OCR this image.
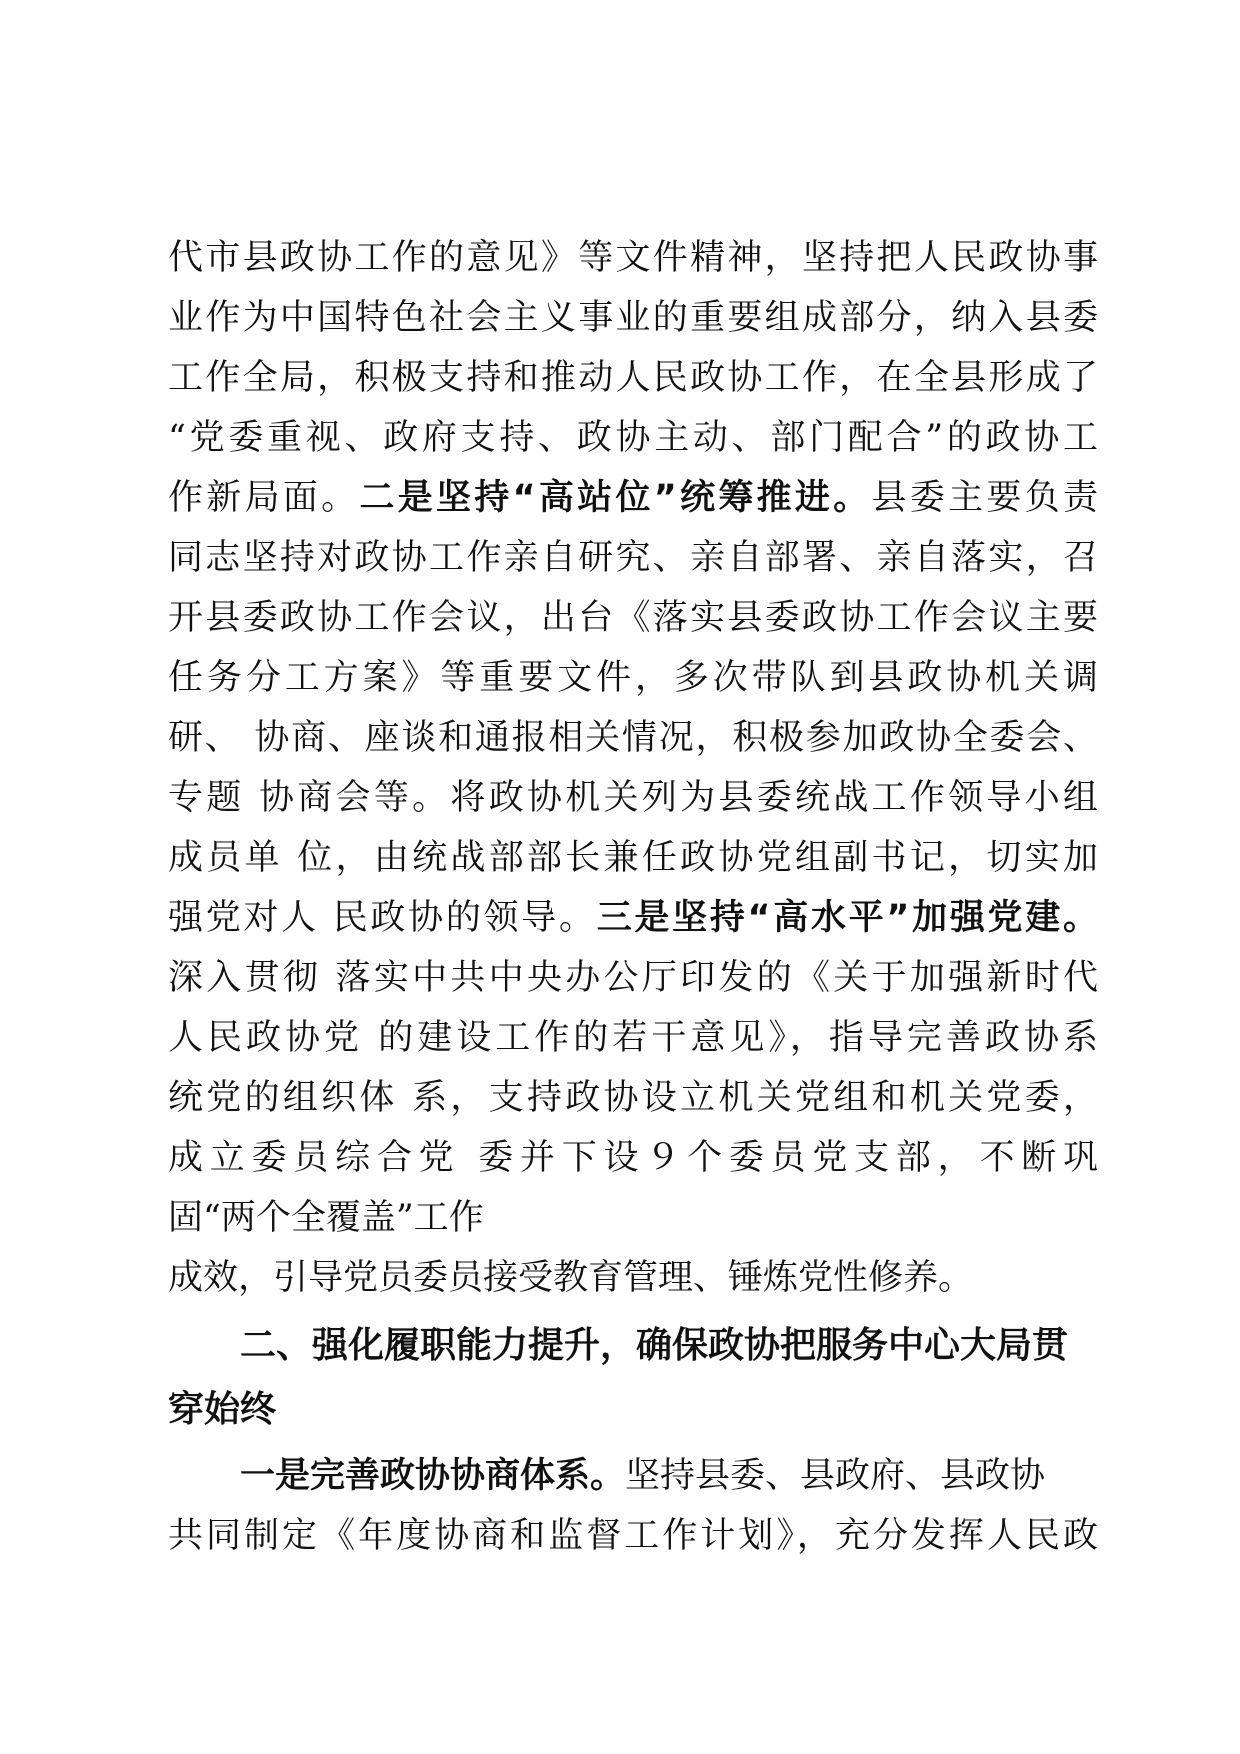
代市县政协工作的意见》等文件精神，坚持把人民政协事
业作为中国特色社会主义事业的重要组成部分，纳入县委
工作全局，积极支持和推动人民政协工作，在全县形成了
“党委重视、政府支持、政协主动、部门配合”的政协工
作新局面。二是坚持“高站位”统筹推进。县委主要负责
同志坚持对政协工作亲自研究、亲自部署、亲自落实，召
开县委政协工作会议，出台《落实县委政协工作会议主要
任务分工方案》等重要文件，多次带队到县政协机关调
研、 协商、座谈和通报相关情况，积极参加政协全委会、
专题 协商会等。将政协机关列为县委统战工作领导小组
成员单 位，由统战部部长兼任政协党组副书记，切实加
强党对人 民政协的领导。三是坚持“高水平”加强党建。
深入贯彻 落实中共中央办公厅印发的《关于加强新时代
人民政协党 的建设工作的若干意见》，指导完善政协系
统党的组织体 系，支持政协设立机关党组和机关党委，
成立委员综合党 委并下设９个委员党支部，不断巩
固“两个全覆盖”工作
成效，引导党员委员接受教育管理、锤炼党性修养。
二、强化履职能力提升，确保政协把服务中心大局贯
穿始终
一是完善政协协商体系。坚持县委、县政府、县政协
共同制定《年度协商和监督工作计划》，充分发挥人民政
